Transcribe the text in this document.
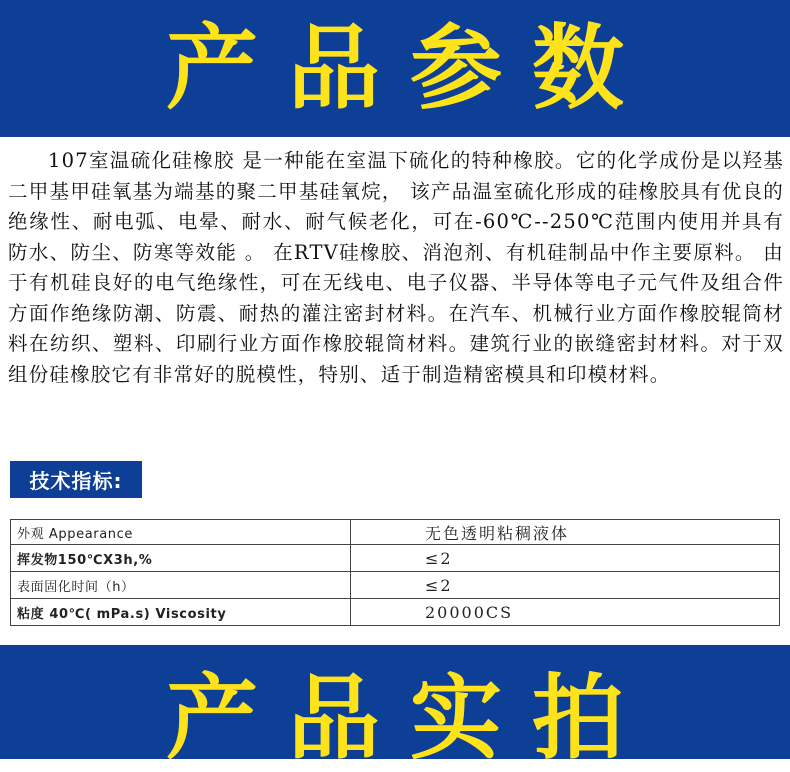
产品参数

107室温硫化硅橡胶 是一种能在室温下硫化的特种橡胶。它的化学成份是以羟基二甲基甲硅氧基为端基的聚二甲基硅氧烷， 该产品温室硫化形成的硅橡胶具有优良的绝缘性、耐电弧、电晕、耐水、耐气候老化，可在-60℃--250℃范围内使用并具有防水、防尘、防寒等效能 。 在RTV硅橡胶、消泡剂、有机硅制品中作主要原料。 由于有机硅良好的电气绝缘性，可在无线电、电子仪器、半导体等电子元气件及组合件方面作绝缘防潮、防震、耐热的灌注密封材料。在汽车、机械行业方面作橡胶辊筒材料在纺织、塑料、印刷行业方面作橡胶辊筒材料。建筑行业的嵌缝密封材料。对于双组份硅橡胶它有非常好的脱模性，特别、适于制造精密模具和印模材料。

技术指标:
外观 Appearance	无色透明粘稠液体
挥发物150℃X3h,%	≤2
表面固化时间（h）	≤2
粘度 40℃( mPa.s) Viscosity	20000CS
产品实拍
